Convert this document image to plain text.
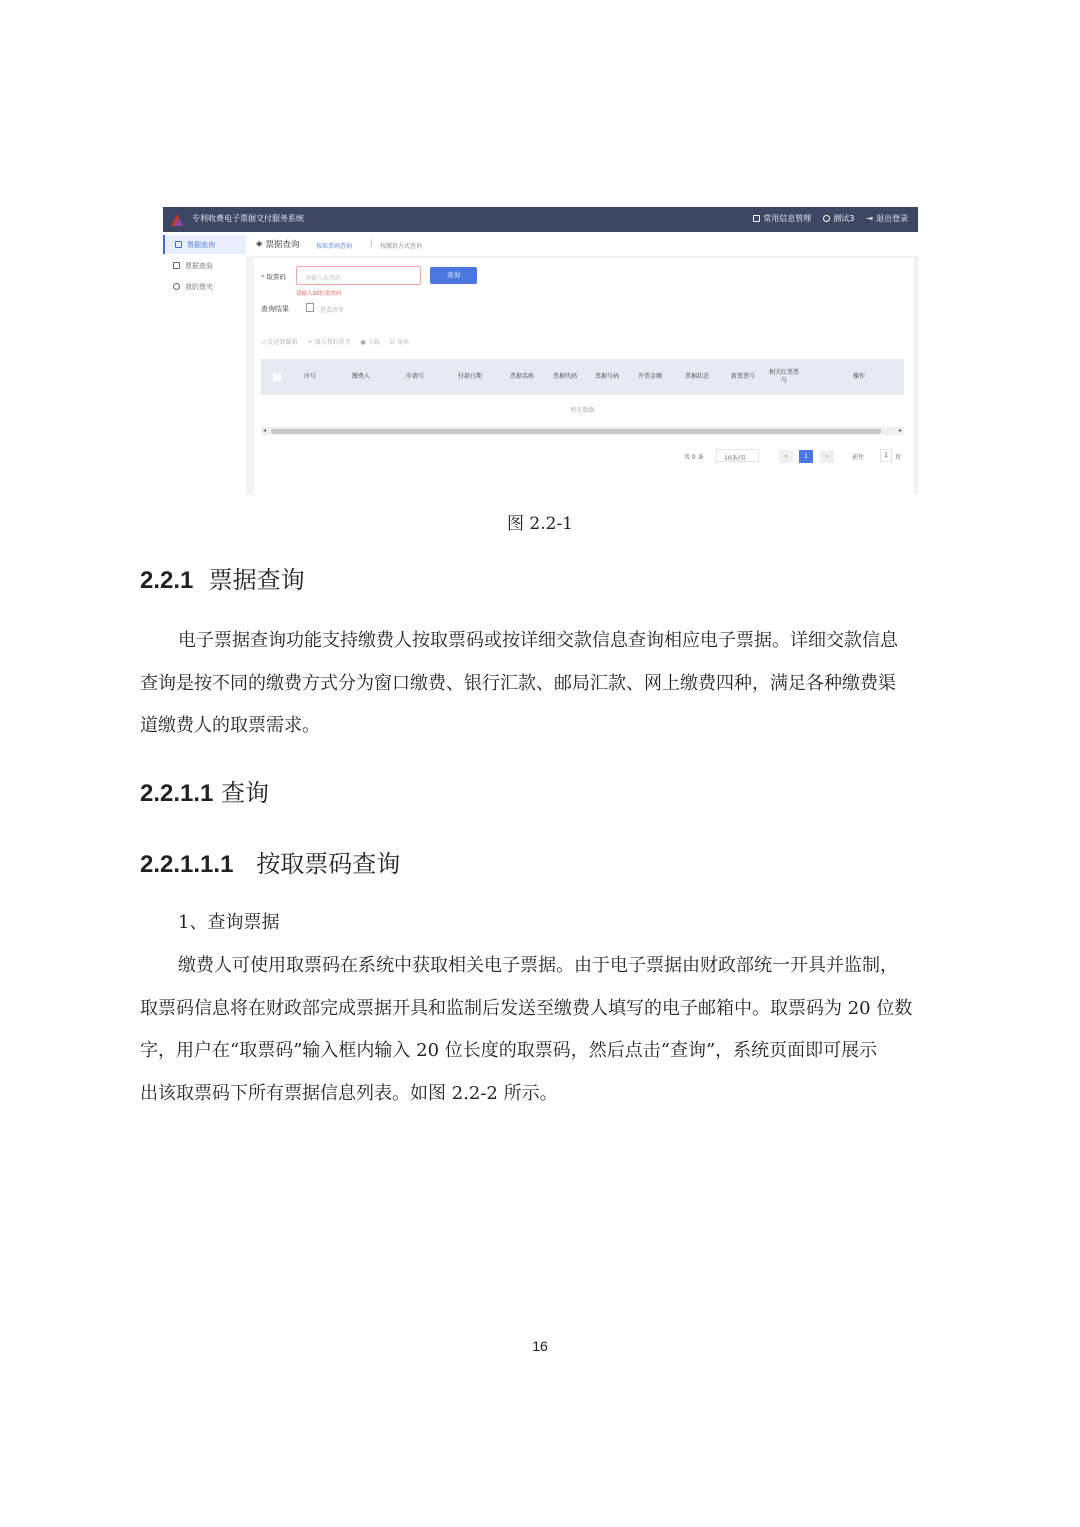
专利收费电子票据交付服务系统	常用信息管理	测试3 ⇥ 退出登录
票据查询
票据查验
我的票夹
◈ 票据查询	按取票码查询	| 按缴款方式查询
* 取票码	请输入取票码
请输入20位取票码
查询
查询结果	查看清单
◁ 发送到邮箱 + 加入我的票夹 ● 下载 ☑ 导出
序号	缴费人	申请号	付款日期	票据名称	票据代码	票据号码	开票金额	票据状态	新票票号
相关红票票号
操作
暂无数据
◂	▸
共 0 条	10条/页	<	1	>	前往	1	页
图 2.2-1
2.2.1 票据查询
电子票据查询功能支持缴费人按取票码或按详细交款信息查询相应电子票据。详细交款信息
查询是按不同的缴费方式分为窗口缴费、银行汇款、邮局汇款、网上缴费四种，满足各种缴费渠
道缴费人的取票需求。
2.2.1.1 查询
2.2.1.1.1 按取票码查询
1、查询票据
缴费人可使用取票码在系统中获取相关电子票据。由于电子票据由财政部统一开具并监制，
取票码信息将在财政部完成票据开具和监制后发送至缴费人填写的电子邮箱中。取票码为 20 位数
字，用户在“取票码”输入框内输入 20 位长度的取票码，然后点击“查询”，系统页面即可展示
出该取票码下所有票据信息列表。如图 2.2-2 所示。
16
